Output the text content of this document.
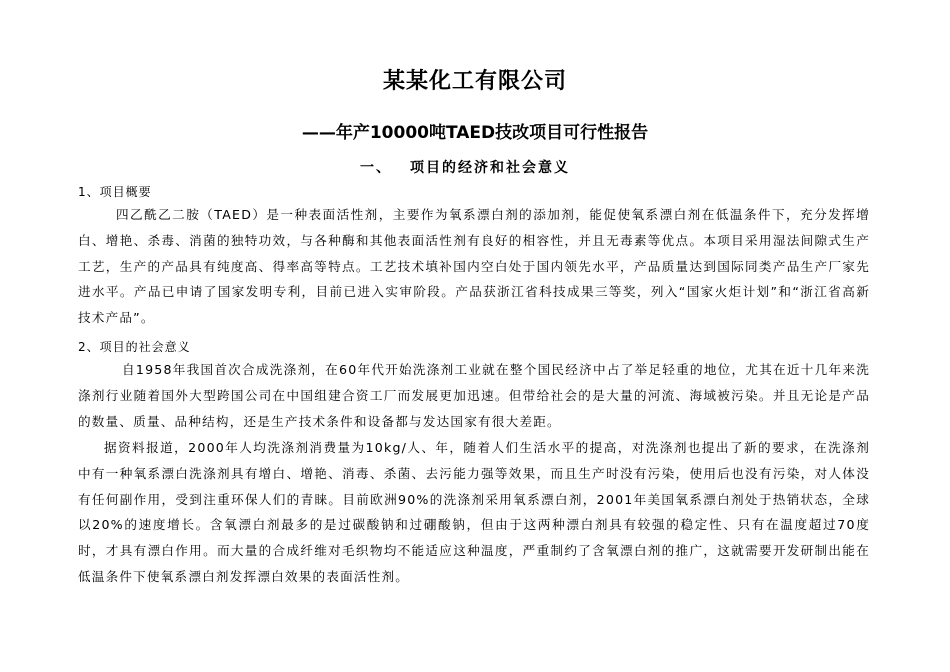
某某化工有限公司
——年产10000吨TAED技改项目可行性报告
一、 项目的经济和社会意义
1、项目概要

四乙酰乙二胺（TAED）是一种表面活性剂，主要作为氧系漂白剂的添加剂，能促使氧系漂白剂在低温条件下，充分发挥增白、增艳、杀毒、消菌的独特功效，与各种酶和其他表面活性剂有良好的相容性，并且无毒素等优点。本项目采用湿法间隙式生产工艺，生产的产品具有纯度高、得率高等特点。工艺技术填补国内空白处于国内领先水平，产品质量达到国际同类产品生产厂家先进水平。产品已申请了国家发明专利，目前已进入实审阶段。产品获浙江省科技成果三等奖，列入“国家火炬计划”和“浙江省高新技术产品”。

2、项目的社会意义

自1958年我国首次合成洗涤剂，在60年代开始洗涤剂工业就在整个国民经济中占了举足轻重的地位，尤其在近十几年来洗涤剂行业随着国外大型跨国公司在中国组建合资工厂而发展更加迅速。但带给社会的是大量的河流、海域被污染。并且无论是产品的数量、质量、品种结构，还是生产技术条件和设备都与发达国家有很大差距。

据资料报道，2000年人均洗涤剂消费量为10kg/人、年，随着人们生活水平的提高，对洗涤剂也提出了新的要求，在洗涤剂中有一种氧系漂白洗涤剂具有增白、增艳、消毒、杀菌、去污能力强等效果，而且生产时没有污染，使用后也没有污染，对人体没有任何副作用，受到注重环保人们的青睐。目前欧洲90%的洗涤剂采用氧系漂白剂，2001年美国氧系漂白剂处于热销状态，全球以20%的速度增长。含氧漂白剂最多的是过碳酸钠和过硼酸钠，但由于这两种漂白剂具有较强的稳定性、只有在温度超过70度时，才具有漂白作用。而大量的合成纤维对毛织物均不能适应这种温度，严重制约了含氧漂白剂的推广，这就需要开发研制出能在低温条件下使氧系漂白剂发挥漂白效果的表面活性剂。
